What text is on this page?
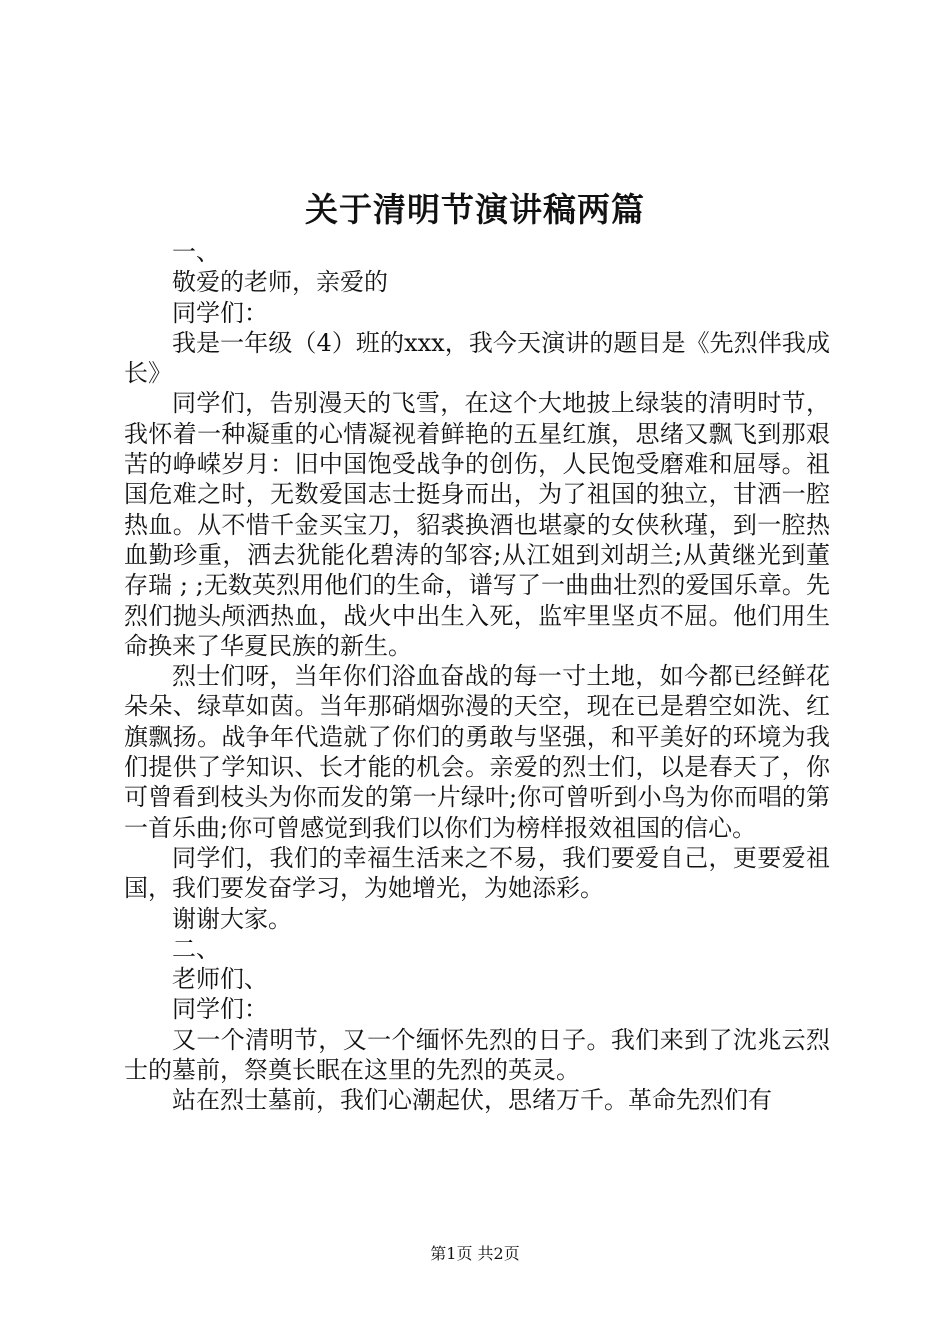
关于清明节演讲稿两篇

一、

敬爱的老师，亲爱的

同学们：

我是一年级（4）班的xxx，我今天演讲的题目是《先烈伴我成长》

同学们，告别漫天的飞雪，在这个大地披上绿装的清明时节，我怀着一种凝重的心情凝视着鲜艳的五星红旗，思绪又飘飞到那艰苦的峥嵘岁月：旧中国饱受战争的创伤，人民饱受磨难和屈辱。祖国危难之时，无数爱国志士挺身而出，为了祖国的独立，甘洒一腔热血。从不惜千金买宝刀，貂裘换酒也堪豪的女侠秋瑾，到一腔热血勤珍重，洒去犹能化碧涛的邹容;从江姐到刘胡兰;从黄继光到董存瑞 ; ;无数英烈用他们的生命，谱写了一曲曲壮烈的爱国乐章。先烈们抛头颅洒热血，战火中出生入死，监牢里坚贞不屈。他们用生命换来了华夏民族的新生。

烈士们呀，当年你们浴血奋战的每一寸土地，如今都已经鲜花朵朵、绿草如茵。当年那硝烟弥漫的天空，现在已是碧空如洗、红旗飘扬。战争年代造就了你们的勇敢与坚强，和平美好的环境为我们提供了学知识、长才能的机会。亲爱的烈士们，以是春天了，你可曾看到枝头为你而发的第一片绿叶;你可曾听到小鸟为你而唱的第一首乐曲;你可曾感觉到我们以你们为榜样报效祖国的信心。

同学们，我们的幸福生活来之不易，我们要爱自己，更要爱祖国，我们要发奋学习，为她增光，为她添彩。

谢谢大家。

二、

老师们、

同学们：

又一个清明节，又一个缅怀先烈的日子。我们来到了沈兆云烈士的墓前，祭奠长眠在这里的先烈的英灵。

站在烈士墓前，我们心潮起伏，思绪万千。革命先烈们有

第1页 共2页
